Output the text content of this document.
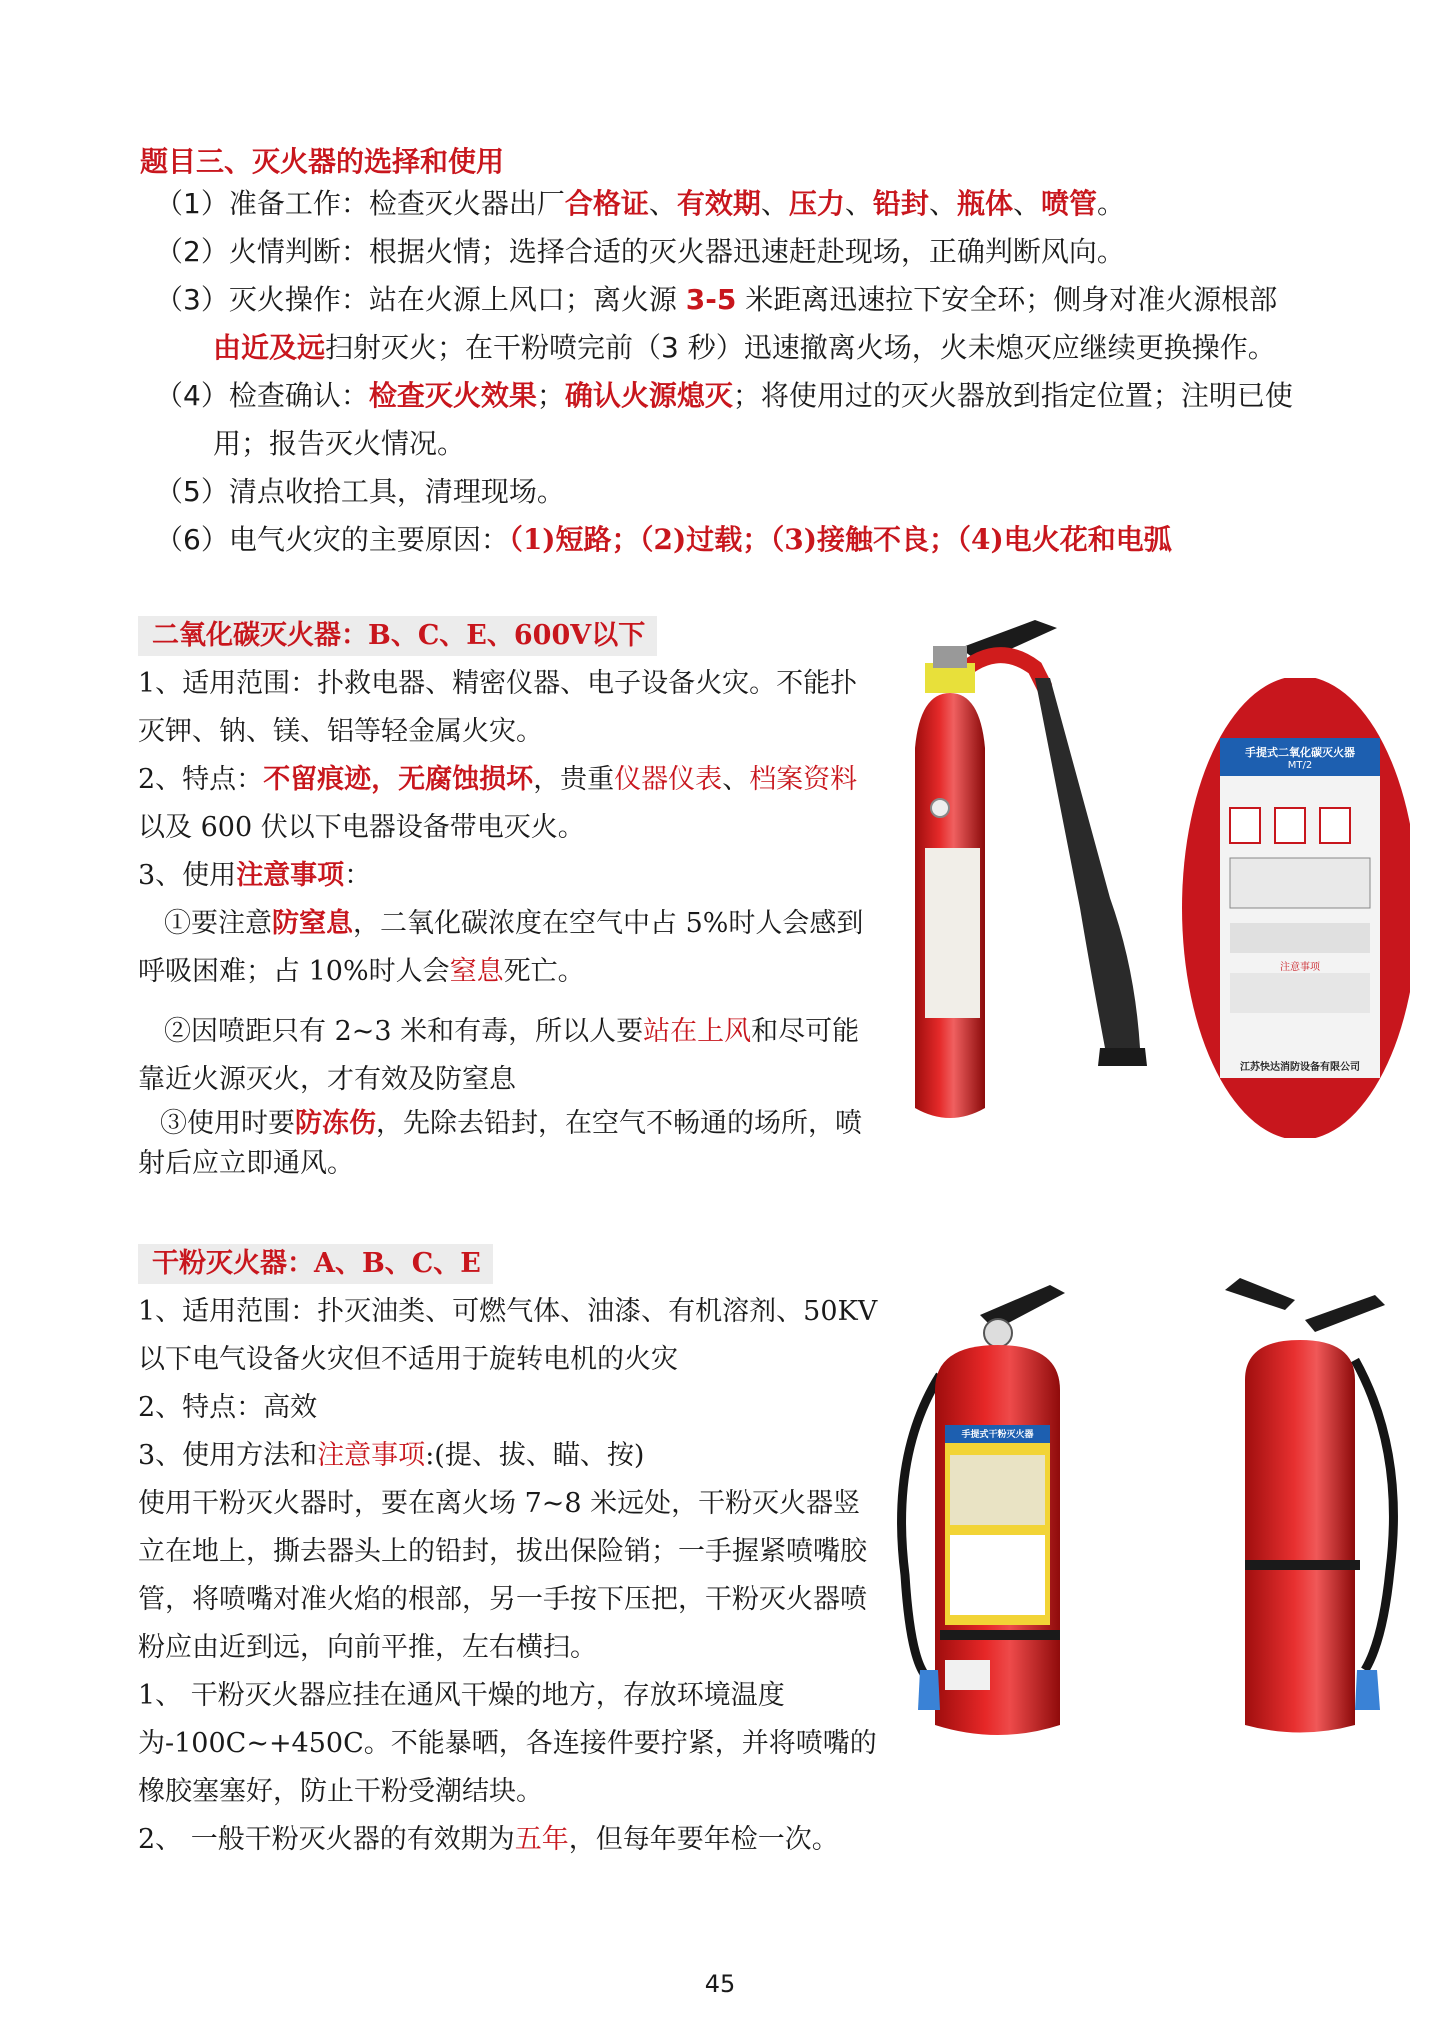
题目三、灭火器的选择和使用
（1）准备工作：检查灭火器出厂合格证、有效期、压力、铅封、瓶体、喷管。
（2）火情判断：根据火情；选择合适的灭火器迅速赶赴现场，正确判断风向。
（3）灭火操作：站在火源上风口；离火源 3-5 米距离迅速拉下安全环；侧身对准火源根部
由近及远扫射灭火；在干粉喷完前（3 秒）迅速撤离火场，火未熄灭应继续更换操作。
（4）检查确认：检查灭火效果；确认火源熄灭；将使用过的灭火器放到指定位置；注明已使
用；报告灭火情况。
（5）清点收拾工具，清理现场。
（6）电气火灾的主要原因：（1)短路；（2)过载；（3)接触不良；（4)电火花和电弧

二氧化碳灭火器：B、C、E、600V以下

1、适用范围：扑救电器、精密仪器、电子设备火灾。不能扑灭钾、钠、镁、铝等轻金属火灾。

2、特点：不留痕迹，无腐蚀损坏，贵重仪器仪表、档案资料以及 600 伏以下电器设备带电灭火。

3、使用注意事项：

①要注意防窒息，二氧化碳浓度在空气中占 5%时人会感到呼吸困难；占 10%时人会窒息死亡。

②因喷距只有 2~3 米和有毒，所以人要站在上风和尽可能靠近火源灭火，才有效及防窒息

③使用时要防冻伤，先除去铅封，在空气不畅通的场所，喷射后应立即通风。

手提式二氧化碳灭火器
MT/2
注意事项
江苏快达消防设备有限公司

干粉灭火器：A、B、C、E

1、适用范围：扑灭油类、可燃气体、油漆、有机溶剂、50KV 以下电气设备火灾但不适用于旋转电机的火灾

2、特点：高效

3、使用方法和注意事项:(提、拔、瞄、按)

使用干粉灭火器时，要在离火场 7~8 米远处，干粉灭火器竖立在地上，撕去器头上的铅封，拔出保险销；一手握紧喷嘴胶管，将喷嘴对准火焰的根部，另一手按下压把，干粉灭火器喷粉应由近到远，向前平推，左右横扫。

1、 干粉灭火器应挂在通风干燥的地方，存放环境温度为-100C~+450C。不能暴晒，各连接件要拧紧，并将喷嘴的橡胶塞塞好，防止干粉受潮结块。

2、 一般干粉灭火器的有效期为五年，但每年要年检一次。

手提式干粉灭火器
45
